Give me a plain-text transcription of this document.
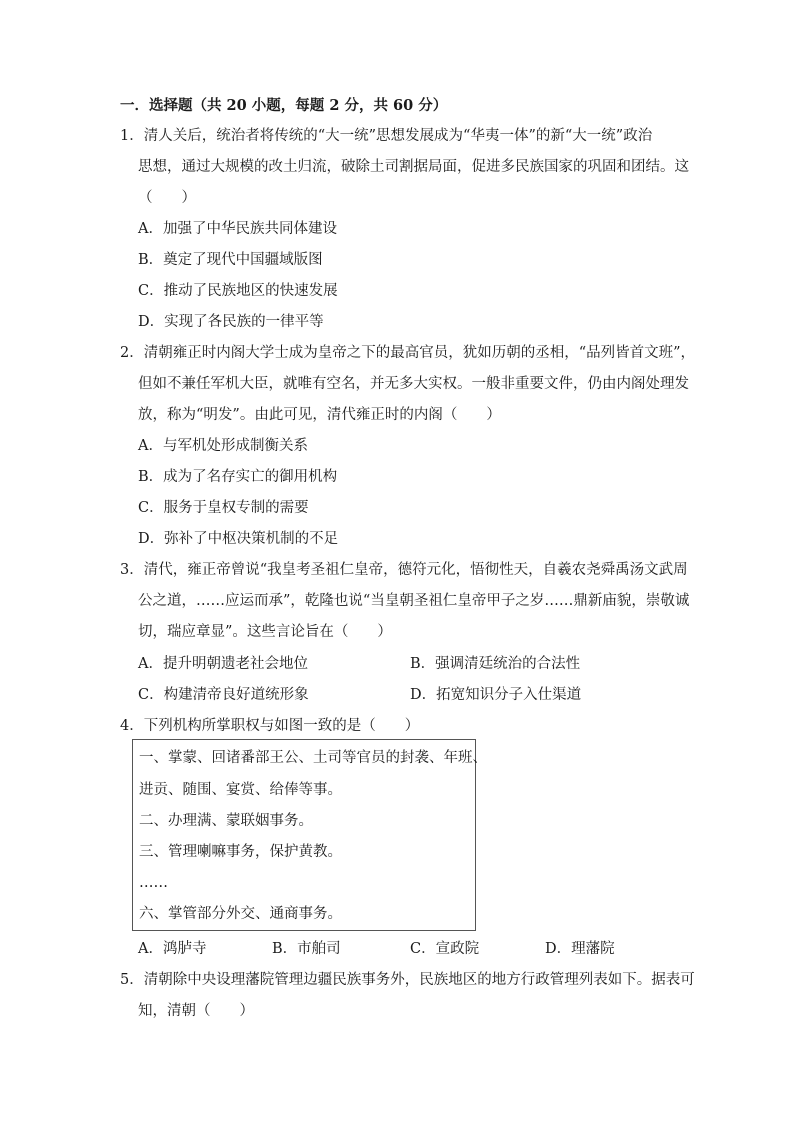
一．选择题（共 20 小题，每题 2 分，共 60 分）
1．清人关后，统治者将传统的“大一统”思想发展成为“华夷一体”的新“大一统”政治
思想，通过大规模的改土归流，破除土司割据局面，促进多民族国家的巩固和团结。这
（　　）
A．加强了中华民族共同体建设
B．奠定了现代中国疆域版图
C．推动了民族地区的快速发展
D．实现了各民族的一律平等
2．清朝雍正时内阁大学士成为皇帝之下的最高官员，犹如历朝的丞相，“品列皆首文班”，
但如不兼任军机大臣，就唯有空名，并无多大实权。一般非重要文件，仍由内阁处理发
放，称为“明发”。由此可见，清代雍正时的内阁（　　）
A．与军机处形成制衡关系
B．成为了名存实亡的御用机构
C．服务于皇权专制的需要
D．弥补了中枢决策机制的不足
3．清代，雍正帝曾说“我皇考圣祖仁皇帝，德符元化，悟彻性天，自羲农尧舜禹汤文武周
公之道，……应运而承”，乾隆也说“当皇朝圣祖仁皇帝甲子之岁……鼎新庙貌，崇敬诚
切，瑞应章显”。这些言论旨在（　　）
A．提升明朝遗老社会地位	B．强调清廷统治的合法性
C．构建清帝良好道统形象	D．拓宽知识分子入仕渠道
4．下列机构所掌职权与如图一致的是（　　）
一、掌蒙、回诸番部王公、土司等官员的封袭、年班、
进贡、随围、宴赏、给俸等事。
二、办理满、蒙联姻事务。
三、管理喇嘛事务，保护黄教。
……
六、掌管部分外交、通商事务。
A．鸿胪寺	B．市舶司	C．宣政院	D．理藩院
5．清朝除中央设理藩院管理边疆民族事务外，民族地区的地方行政管理列表如下。据表可
知，清朝（　　）
